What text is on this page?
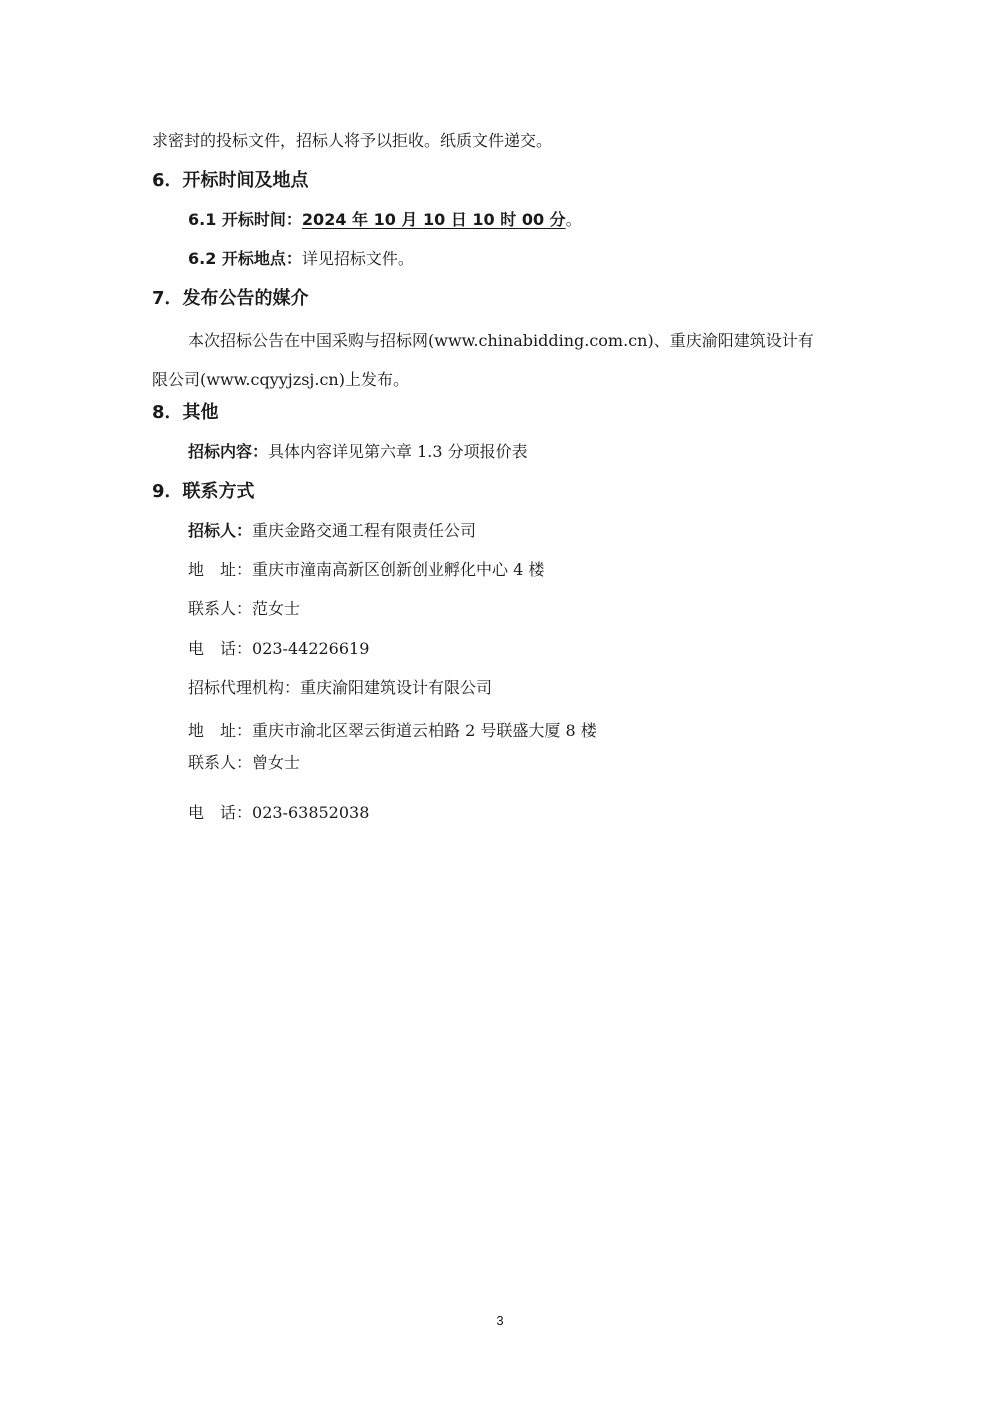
求密封的投标文件，招标人将予以拒收。纸质文件递交。
6．开标时间及地点
6.1 开标时间：2024 年 10 月 10 日 10 时 00 分。
6.2 开标地点：详见招标文件。
7．发布公告的媒介
本次招标公告在中国采购与招标网(www.chinabidding.com.cn)、重庆渝阳建筑设计有
限公司(www.cqyyjzsj.cn)上发布。
8．其他
招标内容：具体内容详见第六章 1.3 分项报价表
9．联系方式
招标人：重庆金路交通工程有限责任公司
地　址：重庆市潼南高新区创新创业孵化中心 4 楼
联系人：范女士
电　话：023-44226619
招标代理机构：重庆渝阳建筑设计有限公司
地　址：重庆市渝北区翠云街道云柏路 2 号联盛大厦 8 楼
联系人：曾女士
电　话：023-63852038
3
